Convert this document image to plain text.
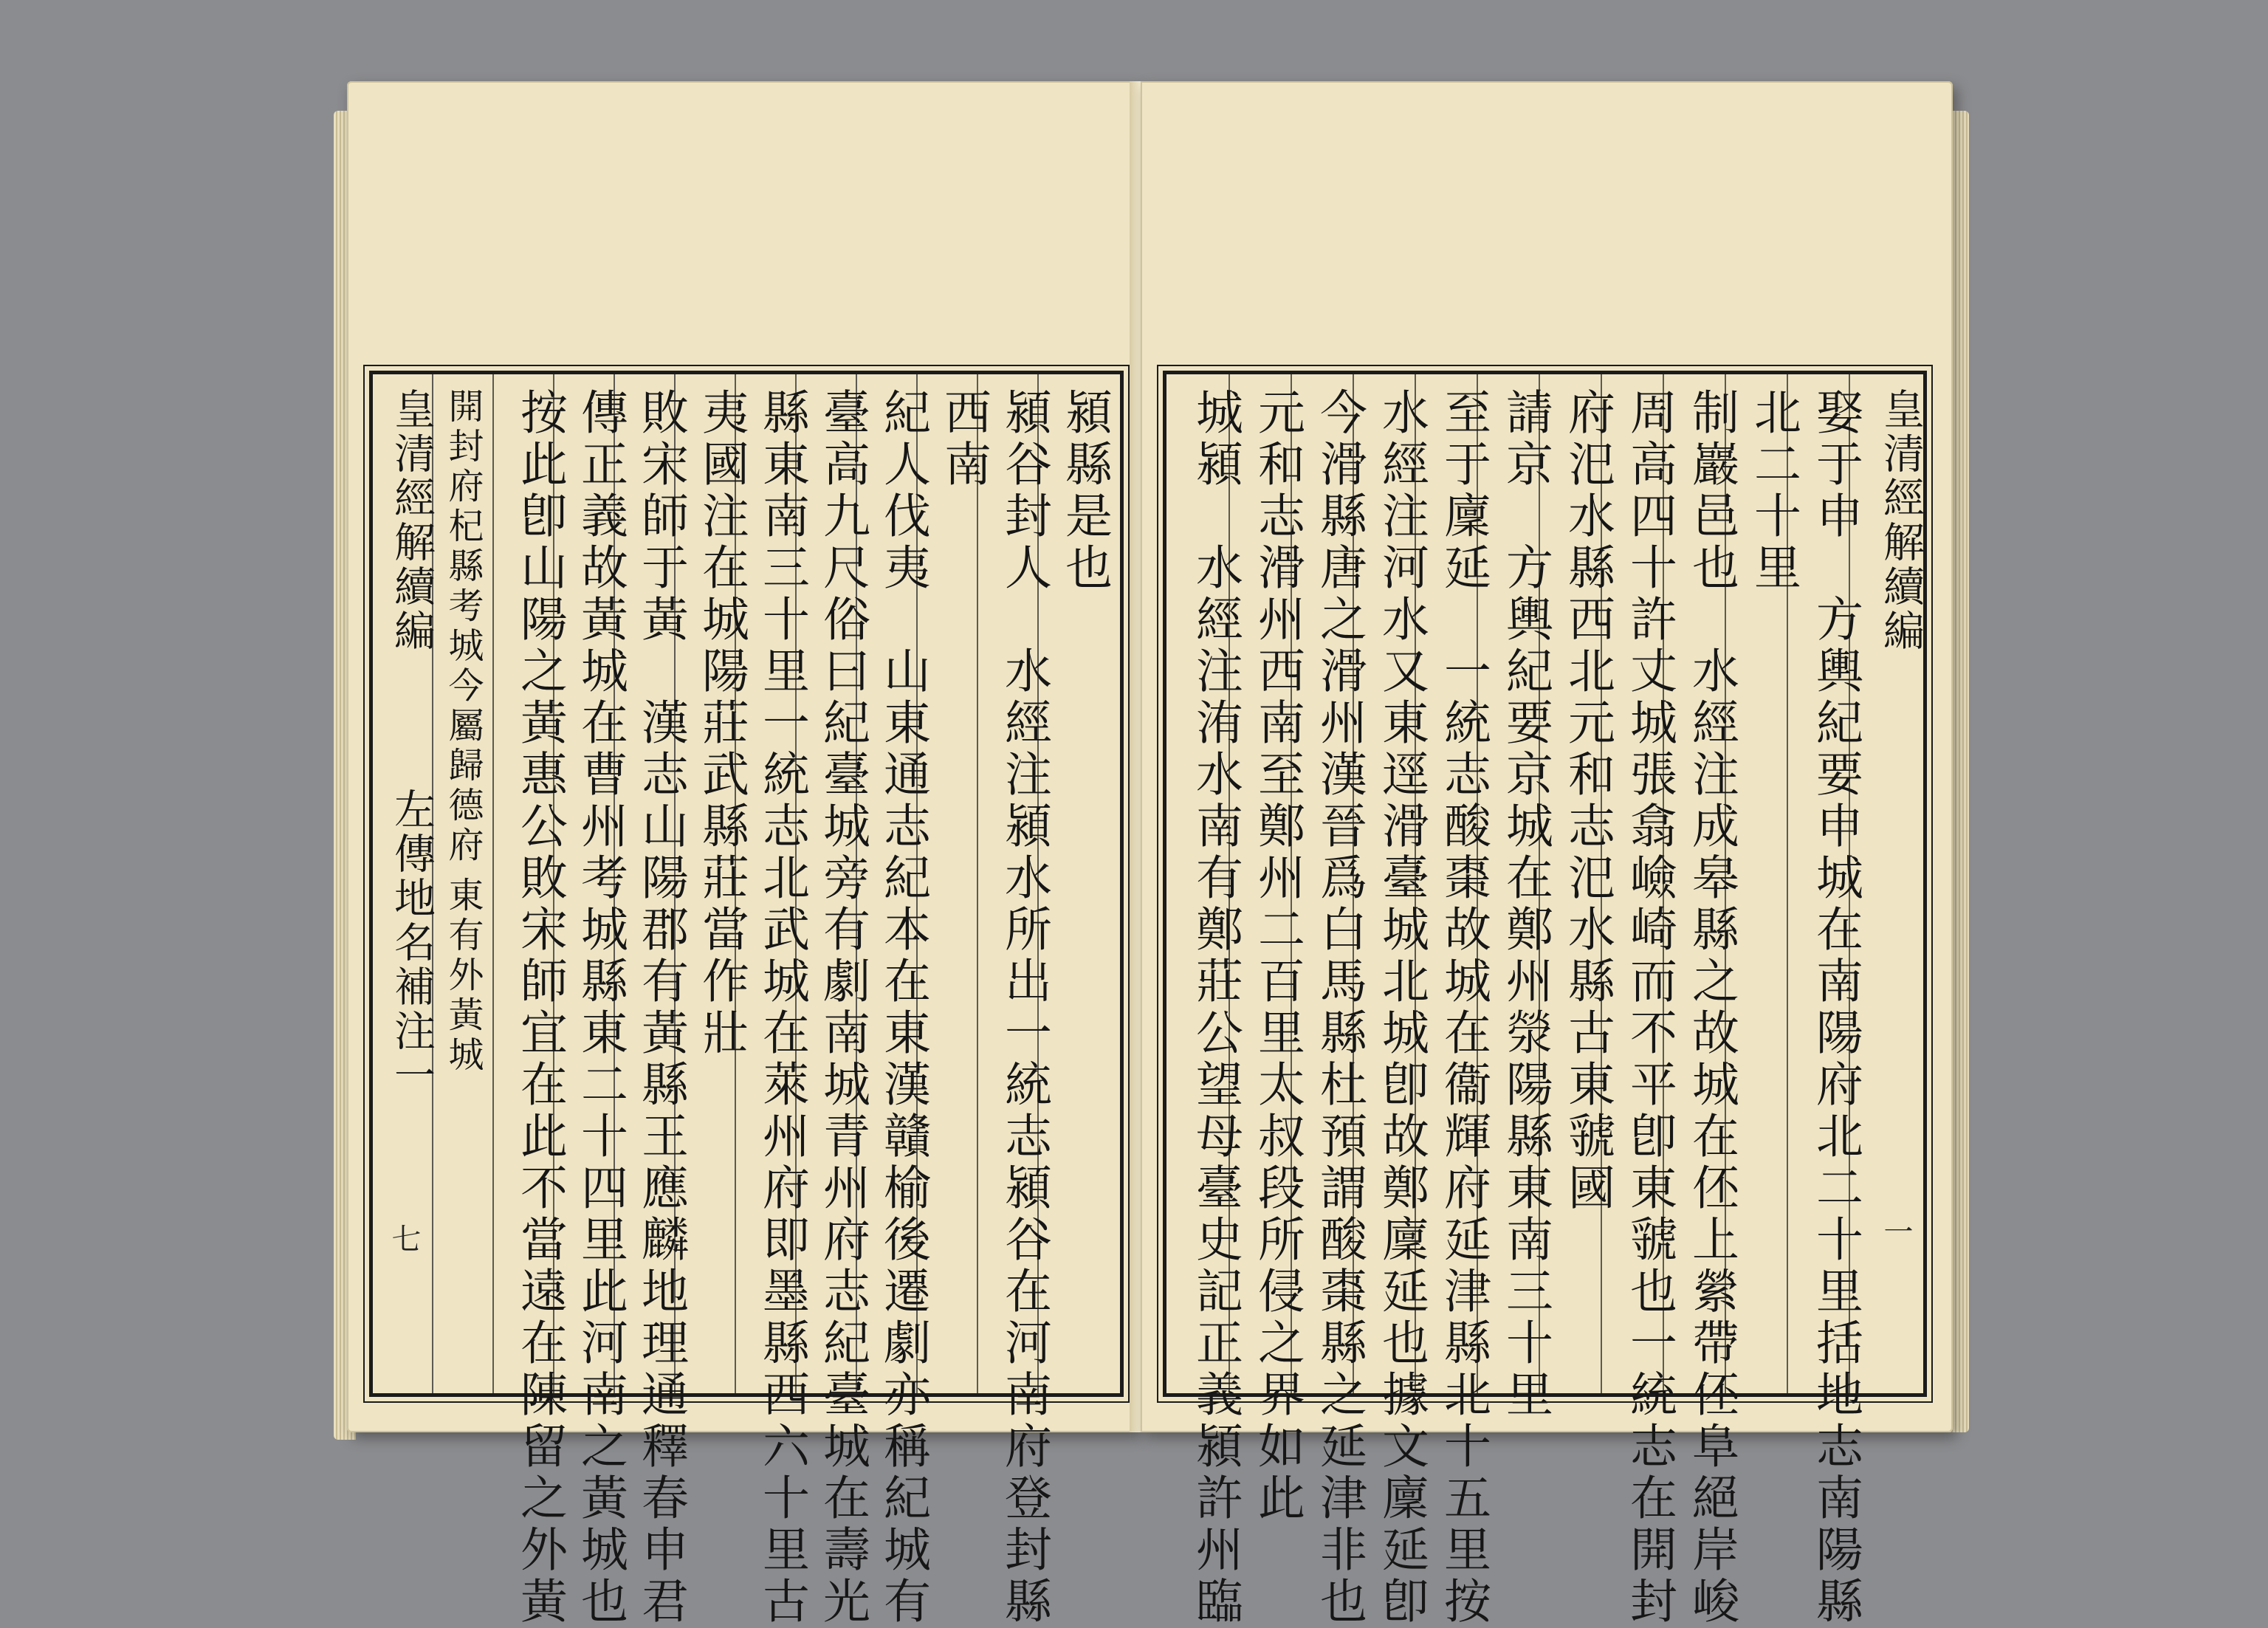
皇清經解續編
左傳地名補注一
七
潁縣是也
潁谷封人　水經注潁水所出一統志潁谷在河南府登封縣
西南
紀人伐夷　山東通志紀本在東漢贛榆後遷劇亦稱紀城有
臺高九尺俗曰紀臺城旁有劇南城青州府志紀臺城在壽光
縣東南三十里一統志北武城在萊州府即墨縣西六十里古
夷國注在城陽莊武縣莊當作壯
敗宋師于黃　漢志山陽郡有黃縣王應麟地理通釋春申君
傳正義故黃城在曹州考城縣東二十四里此河南之黃城也
按此卽山陽之黃惠公敗宋師宜在此不當遠在陳留之外黃
開封府杞縣考城今屬歸德府
東有外黃城
皇清經解續編
一
娶于申　方輿紀要申城在南陽府北二十里括地志南陽縣
北二十里
制巖邑也　水經注成皋縣之故城在伾上縈帶伾阜絕岸峻
周高四十許丈城張翕嶮崎而不平卽東虢也一統志在開封
府汜水縣西北元和志汜水縣古東虢國
請京　方輿紀要京城在鄭州滎陽縣東南三十里
至于廩延　一統志酸棗故城在衞輝府延津縣北十五里按
水經注河水又東逕滑臺城北城卽故鄭廩延也據文廩延卽
今滑縣唐之滑州漢晉爲白馬縣杜預謂酸棗縣之延津非也
元和志滑州西南至鄭州二百里太叔段所侵之界如此
城潁　水經注洧水南有鄭莊公望母臺史記正義潁許州臨
